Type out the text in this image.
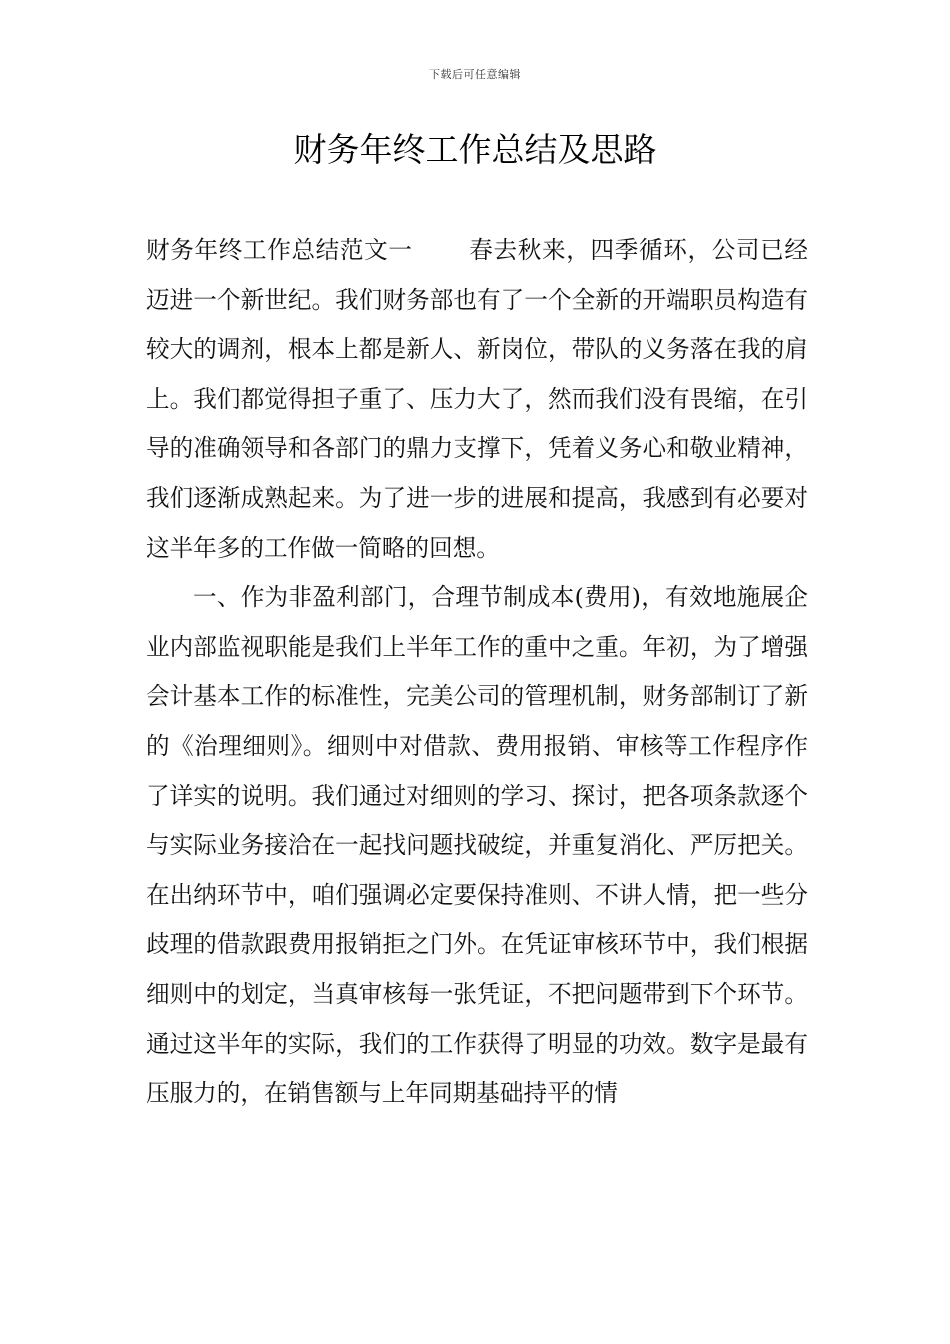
下载后可任意编辑
财务年终工作总结及思路

财务年终工作总结范文一 春去秋来，四季循环，公司已经迈进一个新世纪。我们财务部也有了一个全新的开端职员构造有较大的调剂，根本上都是新人、新岗位，带队的义务落在我的肩上。我们都觉得担子重了、压力大了，然而我们没有畏缩，在引导的准确领导和各部门的鼎力支撑下，凭着义务心和敬业精神，我们逐渐成熟起来。为了进一步的进展和提高，我感到有必要对这半年多的工作做一简略的回想。

一、作为非盈利部门，合理节制成本(费用)，有效地施展企业内部监视职能是我们上半年工作的重中之重。年初，为了增强会计基本工作的标准性，完美公司的管理机制，财务部制订了新的《治理细则》。细则中对借款、费用报销、审核等工作程序作了详实的说明。我们通过对细则的学习、探讨，把各项条款逐个与实际业务接洽在一起找问题找破绽，并重复消化、严厉把关。在出纳环节中，咱们强调必定要保持准则、不讲人情，把一些分歧理的借款跟费用报销拒之门外。在凭证审核环节中，我们根据细则中的划定，当真审核每一张凭证，不把问题带到下个环节。通过这半年的实际，我们的工作获得了明显的功效。数字是最有压服力的，在销售额与上年同期基础持平的情
